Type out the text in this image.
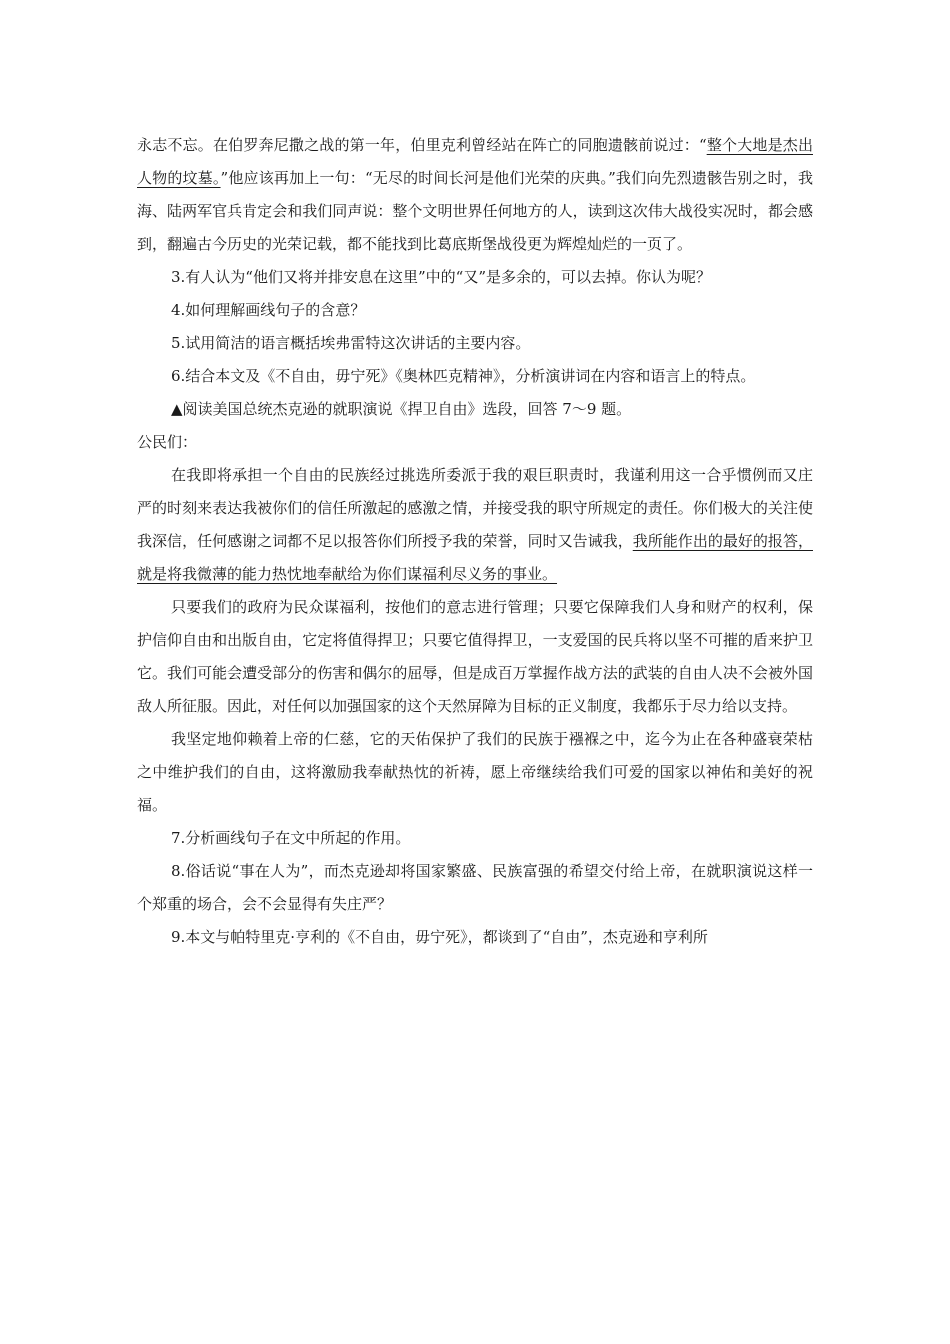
永志不忘。在伯罗奔尼撒之战的第一年，伯里克利曾经站在阵亡的同胞遗骸前说过：“整个大地是杰出人物的坟墓。”他应该再加上一句：“无尽的时间长河是他们光荣的庆典。”我们向先烈遗骸告别之时，我海、陆两军官兵肯定会和我们同声说：整个文明世界任何地方的人，读到这次伟大战役实况时，都会感到，翻遍古今历史的光荣记载，都不能找到比葛底斯堡战役更为辉煌灿烂的一页了。

3.有人认为“他们又将并排安息在这里”中的“又”是多余的，可以去掉。你认为呢？

4.如何理解画线句子的含意？

5.试用简洁的语言概括埃弗雷特这次讲话的主要内容。

6.结合本文及《不自由，毋宁死》《奥林匹克精神》，分析演讲词在内容和语言上的特点。

▲阅读美国总统杰克逊的就职演说《捍卫自由》选段，回答 7～9 题。

公民们：

在我即将承担一个自由的民族经过挑选所委派于我的艰巨职责时，我谨利用这一合乎惯例而又庄严的时刻来表达我被你们的信任所激起的感激之情，并接受我的职守所规定的责任。你们极大的关注使我深信，任何感谢之词都不足以报答你们所授予我的荣誉，同时又告诫我，我所能作出的最好的报答，就是将我微薄的能力热忱地奉献给为你们谋福利尽义务的事业。

只要我们的政府为民众谋福利，按他们的意志进行管理；只要它保障我们人身和财产的权利，保护信仰自由和出版自由，它定将值得捍卫；只要它值得捍卫，一支爱国的民兵将以坚不可摧的盾来护卫它。我们可能会遭受部分的伤害和偶尔的屈辱，但是成百万掌握作战方法的武装的自由人决不会被外国敌人所征服。因此，对任何以加强国家的这个天然屏障为目标的正义制度，我都乐于尽力给以支持。

我坚定地仰赖着上帝的仁慈，它的天佑保护了我们的民族于襁褓之中，迄今为止在各种盛衰荣枯之中维护我们的自由，这将激励我奉献热忱的祈祷，愿上帝继续给我们可爱的国家以神佑和美好的祝福。

7.分析画线句子在文中所起的作用。

8.俗话说“事在人为”，而杰克逊却将国家繁盛、民族富强的希望交付给上帝，在就职演说这样一个郑重的场合，会不会显得有失庄严？

9.本文与帕特里克·亨利的《不自由，毋宁死》，都谈到了“自由”，杰克逊和亨利所
